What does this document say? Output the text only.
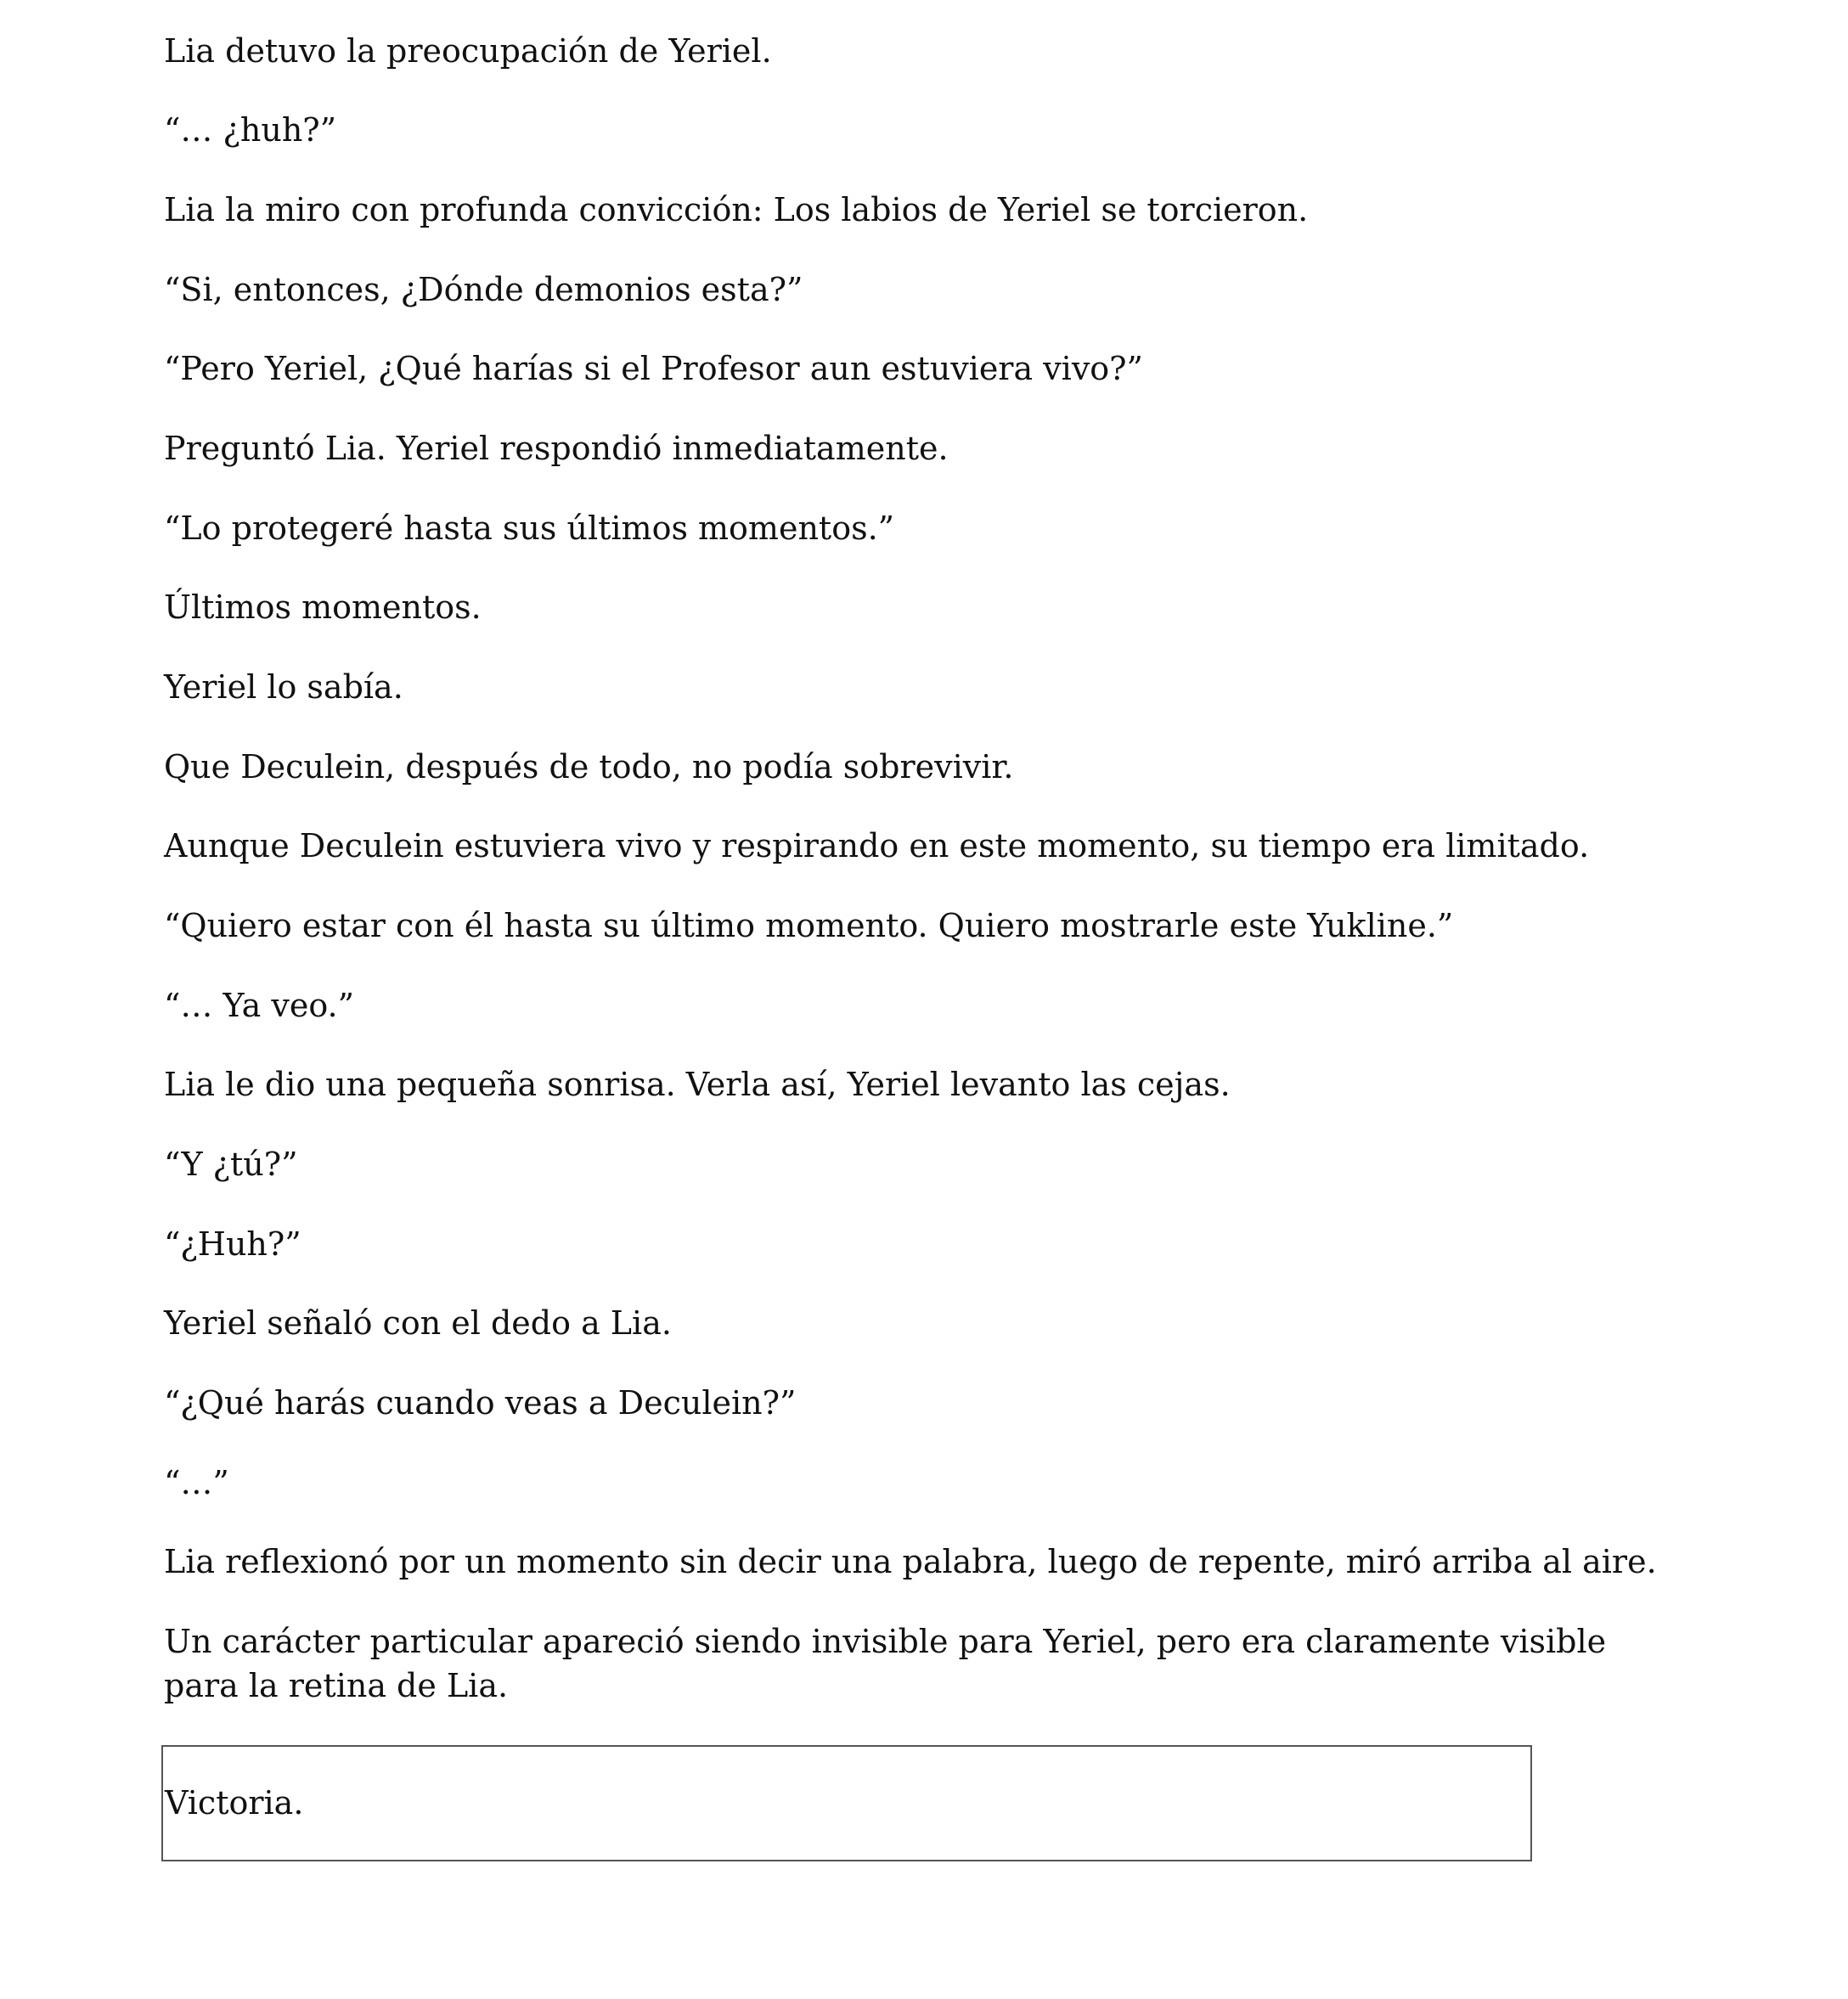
Lia detuvo la preocupación de Yeriel.

“… ¿huh?”

Lia la miro con profunda convicción: Los labios de Yeriel se torcieron.

“Si, entonces, ¿Dónde demonios esta?”

“Pero Yeriel, ¿Qué harías si el Profesor aun estuviera vivo?”

Preguntó Lia. Yeriel respondió inmediatamente.

“Lo protegeré hasta sus últimos momentos.”

Últimos momentos.

Yeriel lo sabía.

Que Deculein, después de todo, no podía sobrevivir.

Aunque Deculein estuviera vivo y respirando en este momento, su tiempo era limitado.

“Quiero estar con él hasta su último momento. Quiero mostrarle este Yukline.”

“… Ya veo.”

Lia le dio una pequeña sonrisa. Verla así, Yeriel levanto las cejas.

“Y ¿tú?”

“¿Huh?”

Yeriel señaló con el dedo a Lia.

“¿Qué harás cuando veas a Deculein?”

“…”

Lia reflexionó por un momento sin decir una palabra, luego de repente, miró arriba al aire.

Un carácter particular apareció siendo invisible para Yeriel, pero era claramente visible para la retina de Lia.

Victoria.
